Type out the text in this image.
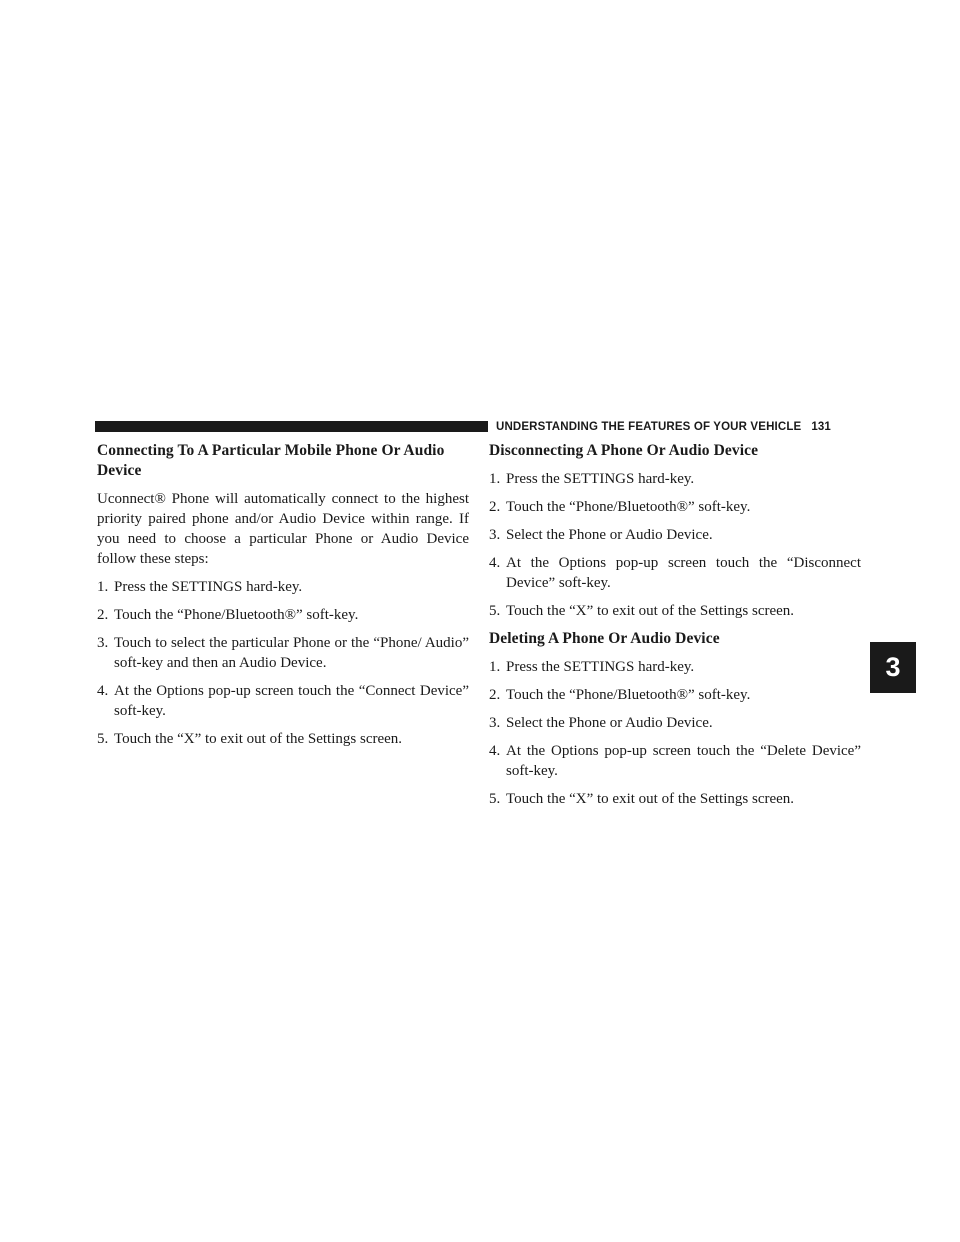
UNDERSTANDING THE FEATURES OF YOUR VEHICLE 131
3
Connecting To A Particular Mobile Phone Or Audio Device

Uconnect® Phone will automatically connect to the highest priority paired phone and/or Audio Device within range. If you need to choose a particular Phone or Audio Device follow these steps:

1. Press the SETTINGS hard-key.
2. Touch the “Phone/Bluetooth®” soft-key.
3. Touch to select the particular Phone or the “Phone/ Audio” soft-key and then an Audio Device.
4. At the Options pop-up screen touch the “Connect Device” soft-key.
5. Touch the “X” to exit out of the Settings screen.
Disconnecting A Phone Or Audio Device
1. Press the SETTINGS hard-key.
2. Touch the “Phone/Bluetooth®” soft-key.
3. Select the Phone or Audio Device.
4. At the Options pop-up screen touch the “Disconnect Device” soft-key.
5. Touch the “X” to exit out of the Settings screen.
Deleting A Phone Or Audio Device
1. Press the SETTINGS hard-key.
2. Touch the “Phone/Bluetooth®” soft-key.
3. Select the Phone or Audio Device.
4. At the Options pop-up screen touch the “Delete Device” soft-key.
5. Touch the “X” to exit out of the Settings screen.
